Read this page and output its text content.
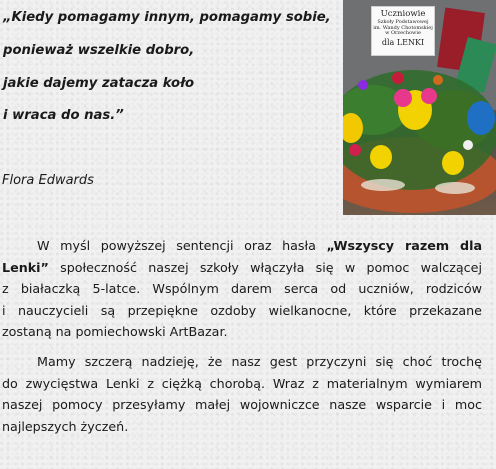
„Kiedy pomagamy innym, pomagamy sobie,
ponieważ wszelkie dobro,
jakie dajemy zatacza koło
i wraca do nas.”
Flora Edwards
Uczniowie
Szkoły Podstawowej
im. Wandy Chotomskiej
w Orzechowie
dla LENKI
W myśl powyższej sentencji oraz hasła „Wszyscy razem dla
Lenki” społeczność naszej szkoły włączyła się w pomoc walczącej
z białaczką 5-latce. Wspólnym darem serca od uczniów, rodziców
i nauczycieli są przepiękne ozdoby wielkanocne, które przekazane
zostaną na pomiechowski ArtBazar.
Mamy szczerą nadzieję, że nasz gest przyczyni się choć trochę
do zwycięstwa Lenki z ciężką chorobą. Wraz z materialnym wymiarem
naszej pomocy przesyłamy małej wojowniczce nasze wsparcie i moc
najlepszych życzeń.
